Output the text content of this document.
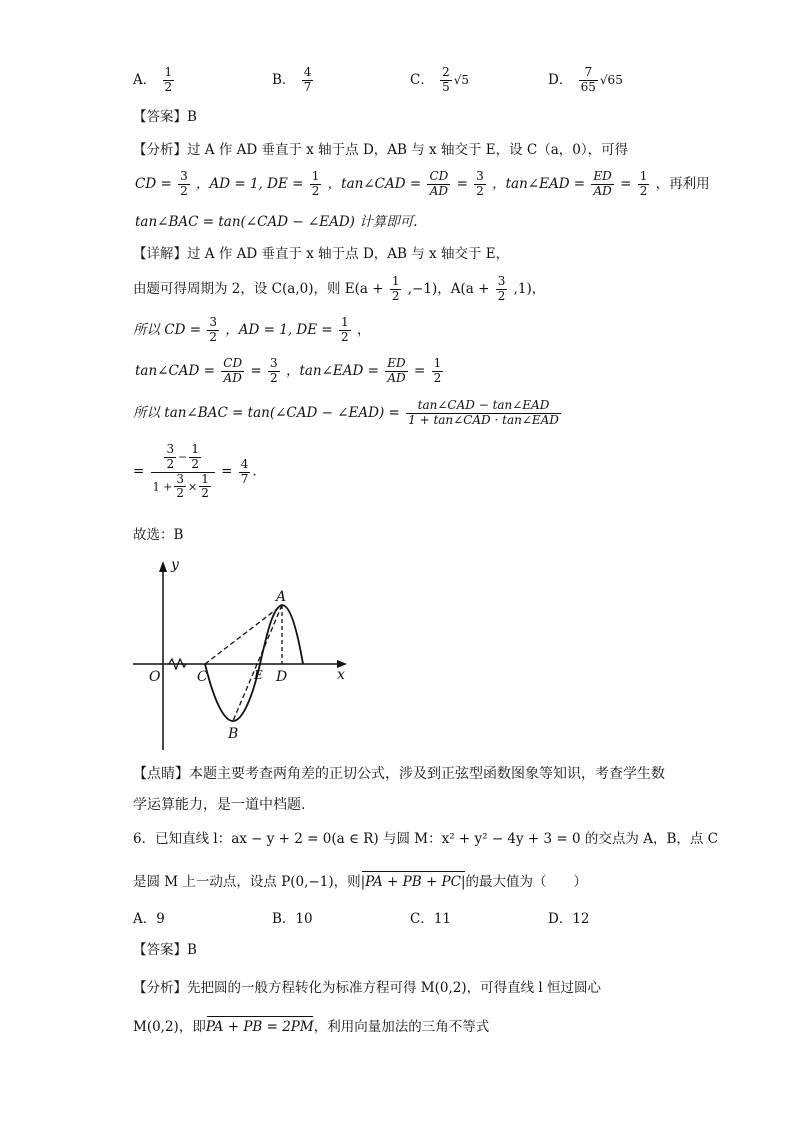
A． $\frac{1}{2}$	B． $\frac{4}{7}$	C． $\frac{2}{5} √5$	D． $\frac{7}{65} √65$
【答案】B
【分析】过 A 作 AD 垂直于 x 轴于点 D，AB 与 x 轴交于 E，设 C（a，0），可得
CD = $\frac{3}{2}$ ，AD = 1, DE = $\frac{1}{2}$ ，tan∠CAD = $\frac{CD}{AD} = \frac{3}{2}$ ，tan∠EAD = $\frac{ED}{AD} = \frac{1}{2}$ ，再利用
tan∠BAC = tan(∠CAD − ∠EAD) 计算即可.
【详解】过 A 作 AD 垂直于 x 轴于点 D，AB 与 x 轴交于 E，
由题可得周期为 2，设 C(a,0)，则 $E(a + \frac{1}{2} ,-1)$，$A(a + \frac{3}{2} ,1)$，
所以 CD = $\frac{3}{2}$ ，AD = 1, DE = $\frac{1}{2}$ ，
tan∠CAD = $\frac{CD}{AD} = \frac{3}{2}$ ，tan∠EAD = $\frac{ED}{AD} = \frac{1}{2}$
所以 tan∠BAC = tan(∠CAD − ∠EAD) =	tan∠CAD − tan∠EAD
1 + tan∠CAD · tan∠EAD
= $\frac{\frac{3}{2} - \frac{1}{2}}{1 + \frac{3}{2} \times \frac{1}{2}} = \frac{4}{7}$ .
故选：B
y
x
O	C	E D
A
B
【点睛】本题主要考查两角差的正切公式，涉及到正弦型函数图象等知识，考查学生数
学运算能力，是一道中档题.
6．已知直线 l：ax − y + 2 = 0(a ∈ R) 与圆 M：x² + y² − 4y + 3 = 0 的交点为 A，B，点 C
是圆 M 上一动点，设点 P(0,−1)，则|PA + PB + PC|的最大值为（　　）
A．9	B．10	C．11	D．12
【答案】B
【分析】先把圆的一般方程转化为标准方程可得 M(0,2)，可得直线 l 恒过圆心
M(0,2)，即PA + PB = 2PM，利用向量加法的三角不等式
